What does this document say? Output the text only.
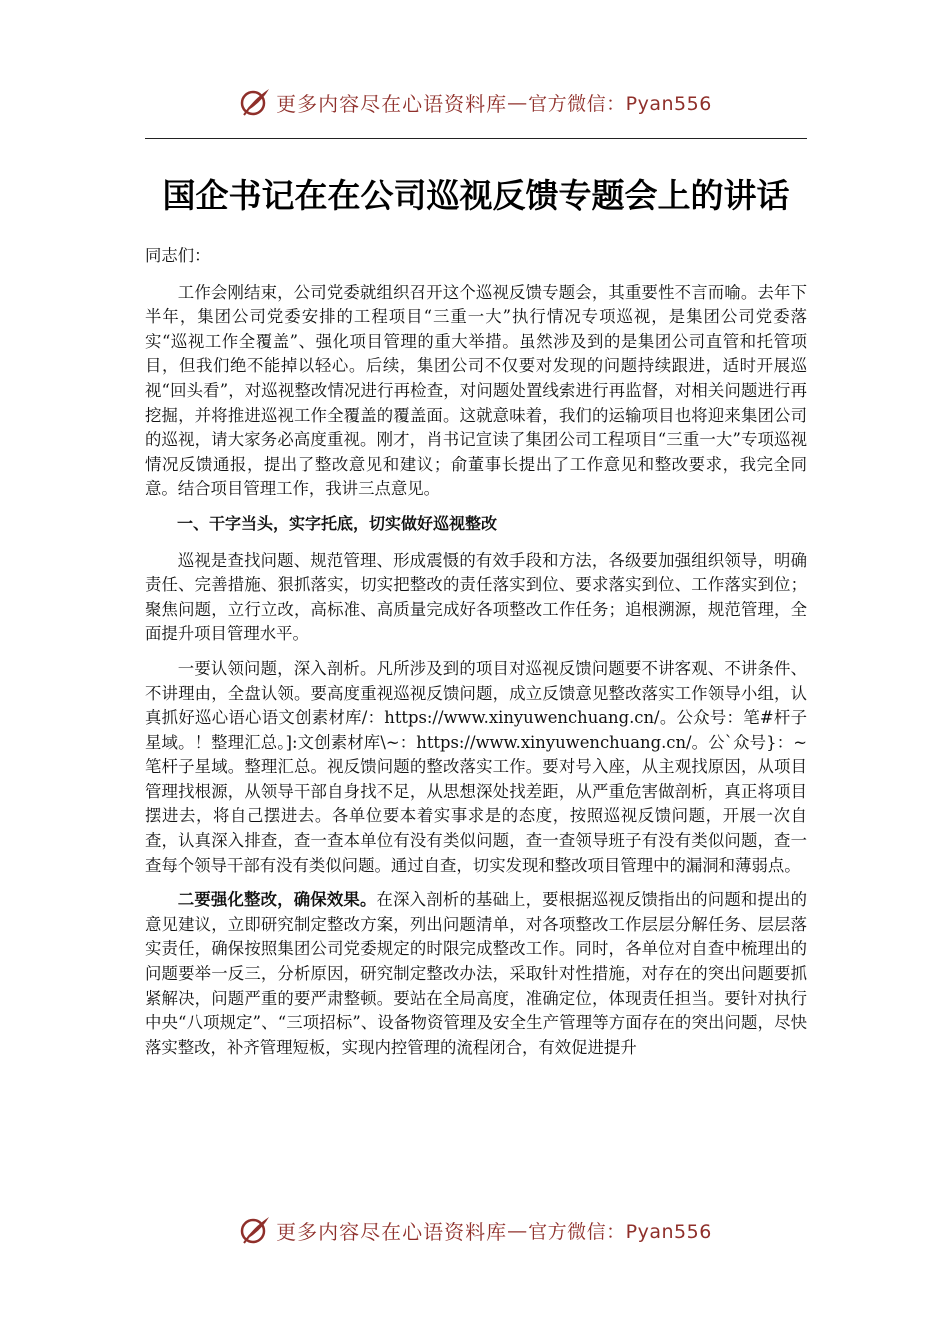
更多内容尽在心语资料库 — 官方微信：Pyan556
国企书记在在公司巡视反馈专题会上的讲话

同志们：

工作会刚结束，公司党委就组织召开这个巡视反馈专题会，其重要性不言而喻。去年下半年，集团公司党委安排的工程项目“三重一大”执行情况专项巡视，是集团公司党委落实“巡视工作全覆盖”、强化项目管理的重大举措。虽然涉及到的是集团公司直管和托管项目，但我们绝不能掉以轻心。后续，集团公司不仅要对发现的问题持续跟进，适时开展巡视“回头看”，对巡视整改情况进行再检查，对问题处置线索进行再监督，对相关问题进行再挖掘，并将推进巡视工作全覆盖的覆盖面。这就意味着，我们的运输项目也将迎来集团公司的巡视，请大家务必高度重视。刚才，肖书记宣读了集团公司工程项目“三重一大”专项巡视情况反馈通报，提出了整改意见和建议；俞董事长提出了工作意见和整改要求，我完全同意。结合项目管理工作，我讲三点意见。

一、干字当头，实字托底，切实做好巡视整改

巡视是查找问题、规范管理、形成震慑的有效手段和方法，各级要加强组织领导，明确责任、完善措施、狠抓落实，切实把整改的责任落实到位、要求落实到位、工作落实到位；聚焦问题，立行立改，高标准、高质量完成好各项整改工作任务；追根溯源，规范管理，全面提升项目管理水平。

一要认领问题，深入剖析。凡所涉及到的项目对巡视反馈问题要不讲客观、不讲条件、不讲理由，全盘认领。要高度重视巡视反馈问题，成立反馈意见整改落实工作领导小组，认真抓好巡心语心语文创素材库/：https://www.xinyuwenchuang.cn/。公众号：笔#杆子星域。！整理汇总。]:文创素材库\~：https://www.xinyuwenchuang.cn/。公`众号}：~笔杆子星域。整理汇总。视反馈问题的整改落实工作。要对号入座，从主观找原因，从项目管理找根源，从领导干部自身找不足，从思想深处找差距，从严重危害做剖析，真正将项目摆进去，将自己摆进去。各单位要本着实事求是的态度，按照巡视反馈问题，开展一次自查，认真深入排查，查一查本单位有没有类似问题，查一查领导班子有没有类似问题，查一查每个领导干部有没有类似问题。通过自查，切实发现和整改项目管理中的漏洞和薄弱点。

二要强化整改，确保效果。在深入剖析的基础上，要根据巡视反馈指出的问题和提出的意见建议，立即研究制定整改方案，列出问题清单，对各项整改工作层层分解任务、层层落实责任，确保按照集团公司党委规定的时限完成整改工作。同时，各单位对自查中梳理出的问题要举一反三，分析原因，研究制定整改办法，采取针对性措施，对存在的突出问题要抓紧解决，问题严重的要严肃整顿。要站在全局高度，准确定位，体现责任担当。要针对执行中央“八项规定”、“三项招标”、设备物资管理及安全生产管理等方面存在的突出问题，尽快落实整改，补齐管理短板，实现内控管理的流程闭合，有效促进提升

更多内容尽在心语资料库 — 官方微信：Pyan556
